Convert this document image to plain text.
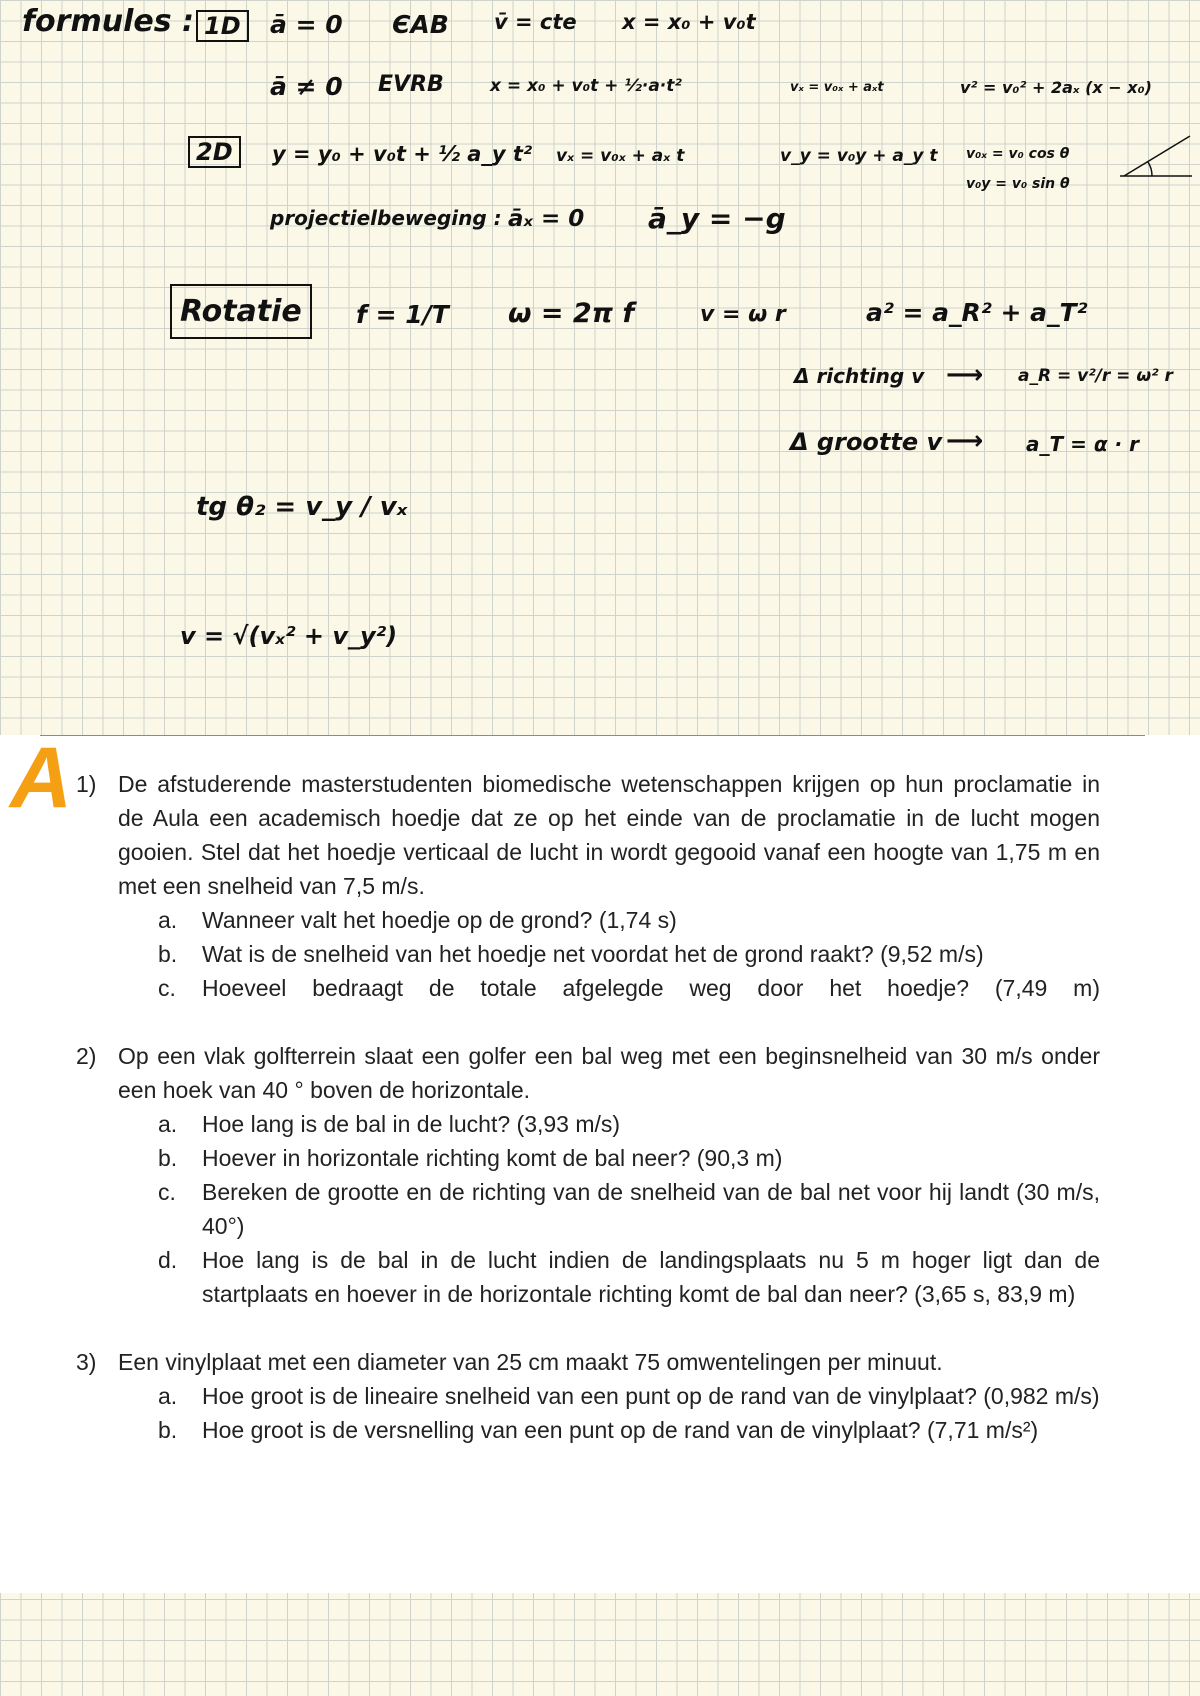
formules : 1D	ā = 0 ЄAB v̄ = cte x = x₀ + v₀t
ā ≠ 0 EVRB	x = x₀ + v₀t + ½·a·t²	vₓ = v₀ₓ + aₓt	v² = v₀² + 2aₓ (x − x₀)
2D	y = y₀ + v₀t + ½ a_y t² vₓ = v₀ₓ + aₓ t	v_y = v₀y + a_y t v₀ₓ = v₀ cos θ
v₀y = v₀ sin θ
projectielbeweging : āₓ = 0 ā_y = −g
Rotatie	f = 1/T ω = 2π f	v = ω r	a² = a_R² + a_T²
Δ richting v ⟶ a_R = v²/r = ω² r
Δ grootte v ⟶ a_T = α · r
tg θ₂ = v_y / vₓ
v = √(vₓ² + v_y²)
A 1) De afstuderende masterstudenten biomedische wetenschappen krijgen op hun proclamatie in de Aula een academisch hoedje dat ze op het einde van de proclamatie in de lucht mogen gooien. Stel dat het hoedje verticaal de lucht in wordt gegooid vanaf een hoogte van 1,75 m en met een snelheid van 7,5 m/s.
a. Wanneer valt het hoedje op de grond? (1,74 s)
b. Wat is de snelheid van het hoedje net voordat het de grond raakt? (9,52 m/s)
c. Hoeveel bedraagt de totale afgelegde weg door het hoedje? (7,49 m)
2) Op een vlak golfterrein slaat een golfer een bal weg met een beginsnelheid van 30 m/s onder een hoek van 40 ° boven de horizontale.
a. Hoe lang is de bal in de lucht? (3,93 m/s)
b. Hoever in horizontale richting komt de bal neer? (90,3 m)
c. Bereken de grootte en de richting van de snelheid van de bal net voor hij landt (30 m/s, 40°)
d. Hoe lang is de bal in de lucht indien de landingsplaats nu 5 m hoger ligt dan de startplaats en hoever in de horizontale richting komt de bal dan neer? (3,65 s, 83,9 m)
3) Een vinylplaat met een diameter van 25 cm maakt 75 omwentelingen per minuut.
a. Hoe groot is de lineaire snelheid van een punt op de rand van de vinylplaat? (0,982 m/s)
b. Hoe groot is de versnelling van een punt op de rand van de vinylplaat? (7,71 m/s²)
